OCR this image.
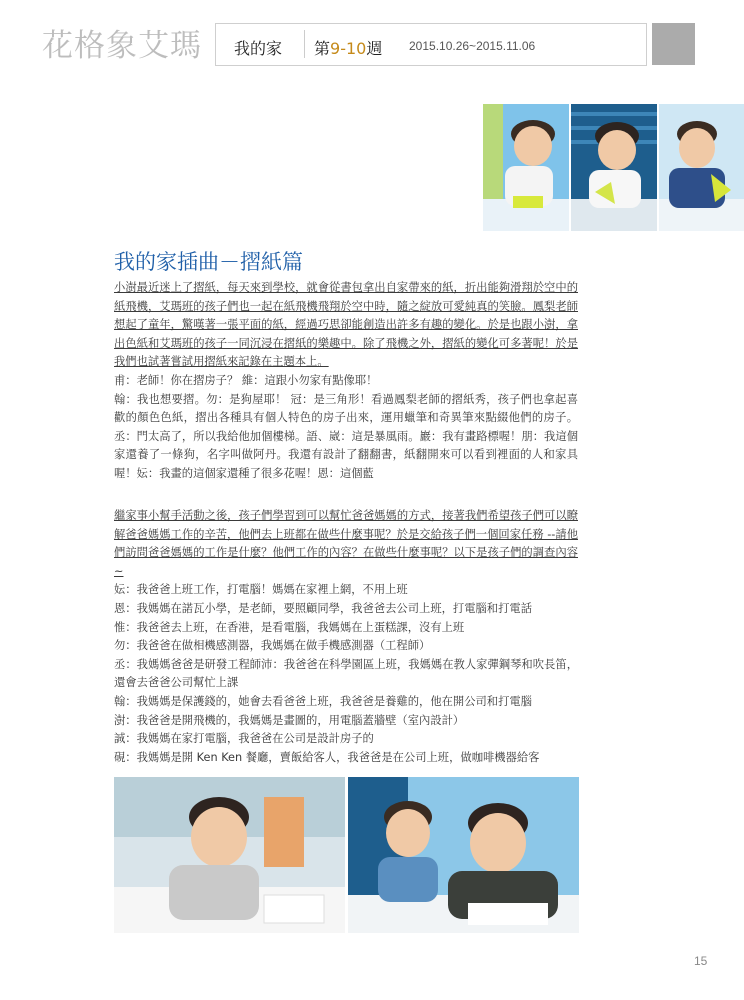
花格象艾瑪 我的家 第9-10週 2015.10.26~2015.11.06
我的家插曲－摺紙篇

小澍最近迷上了摺紙，每天來到學校，就會從書包拿出自家帶來的紙，折出能夠滑翔於空中的紙飛機，艾瑪班的孩子們也一起在紙飛機飛翔於空中時，隨之綻放可愛純真的笑臉。鳳梨老師想起了童年，驚嘆著一張平面的紙，經過巧思卻能創造出許多有趣的變化。於是也跟小澍，拿出色紙和艾瑪班的孩子一同沉浸在摺紙的樂趣中。除了飛機之外，摺紙的變化可多著呢！於是我們也試著嘗試用摺紙來記錄在主題本上。

甫：老師！你在摺房子？ 維：這跟小勿家有點像耶！

翰：我也想要摺。勿：是狗屋耶！ 冠：是三角形！看過鳳梨老師的摺紙秀，孩子們也拿起喜歡的顏色色紙，摺出各種具有個人特色的房子出來，運用蠟筆和奇異筆來點綴他們的房子。丞：門太高了，所以我給他加個樓梯。語、崴：這是暴風雨。巖：我有畫路標喔！朋：我這個家還養了一條狗，名字叫做阿丹。我還有設計了翻翻書，紙翻開來可以看到裡面的人和家具喔！妘：我畫的這個家還種了很多花喔！恩：這個藍

繼家事小幫手活動之後，孩子們學習到可以幫忙爸爸媽媽的方式，接著我們希望孩子們可以瞭解爸爸媽媽工作的辛苦，他們去上班都在做些什麼事呢？於是交給孩子們一個回家任務 --請他們訪問爸爸媽媽的工作是什麼？他們工作的內容？在做些什麼事呢？以下是孩子們的調查內容~

妘：我爸爸上班工作，打電腦！媽媽在家裡上網，不用上班

恩：我媽媽在諾瓦小學，是老師，要照顧同學，我爸爸去公司上班，打電腦和打電話

惟：我爸爸去上班，在香港，是看電腦，我媽媽在上蛋糕課，沒有上班

勿：我爸爸在做相機感測器，我媽媽在做手機感測器（工程師）

丞：我媽媽爸爸是研發工程師沛：我爸爸在科學園區上班，我媽媽在教人家彈鋼琴和吹長笛，還會去爸爸公司幫忙上課

翰：我媽媽是保護錢的，她會去看爸爸上班，我爸爸是養雞的，他在開公司和打電腦

澍：我爸爸是開飛機的，我媽媽是畫圖的，用電腦蓋牆壁（室內設計）

誠：我媽媽在家打電腦，我爸爸在公司是設計房子的

硯：我媽媽是開 Ken Ken 餐廳，賣飯給客人，我爸爸是在公司上班，做咖啡機器給客

15
